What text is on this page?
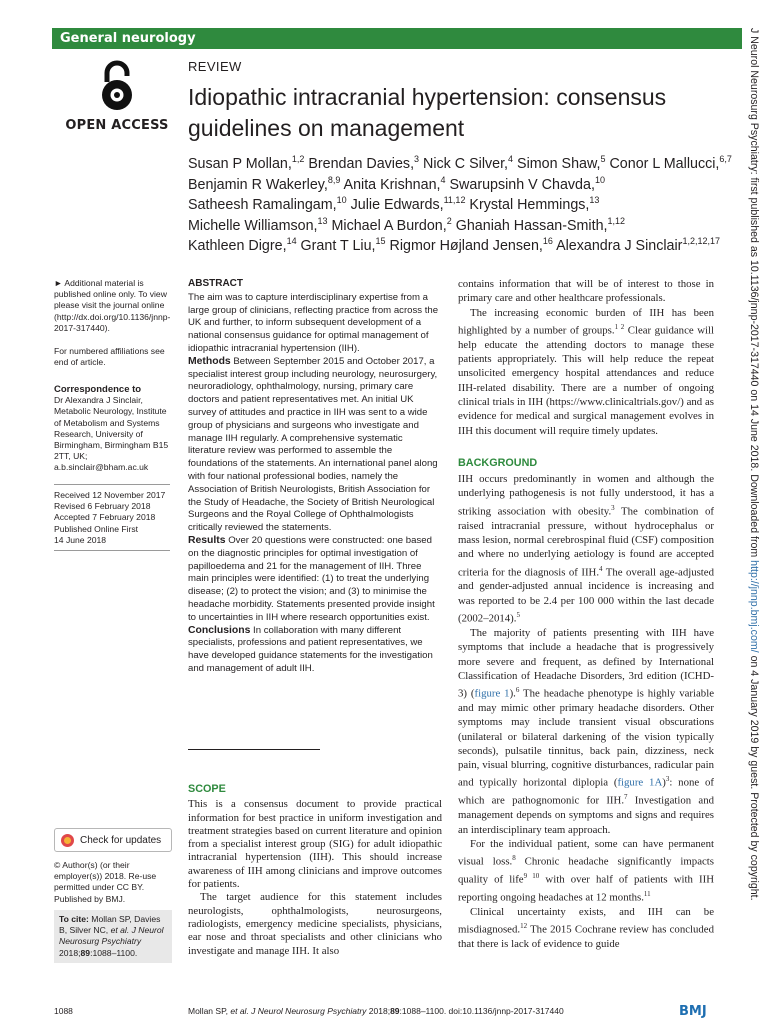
General neurology
OPEN ACCESS
REVIEW
Idiopathic intracranial hypertension: consensus guidelines on management
Susan P Mollan,$^{1,2}$ Brendan Davies,$^3$ Nick C Silver,$^4$ Simon Shaw,$^5$ Conor L Mallucci,$^{6,7}$
Benjamin R Wakerley,$^{8,9}$ Anita Krishnan,$^4$ Swarupsinh V Chavda,$^{10}$
Satheesh Ramalingam,$^{10}$ Julie Edwards,$^{11,12}$ Krystal Hemmings,$^{13}$
Michelle Williamson,$^{13}$ Michael A Burdon,$^2$ Ghaniah Hassan-Smith,$^{1,12}$
Kathleen Digre,$^{14}$ Grant T Liu,$^{15}$ Rigmor Højland Jensen,$^{16}$ Alexandra J Sinclair$^{1,2,12,17}$
► Additional material is published online only. To view please visit the journal online (http://dx.doi.org/10.1136/jnnp-2017-317440).
For numbered affiliations see end of article.
Correspondence to
Dr Alexandra J Sinclair, Metabolic Neurology, Institute of Metabolism and Systems Research, University of Birmingham, Birmingham B15 2TT, UK; a.b.sinclair@bham.ac.uk
Received 12 November 2017
Revised 6 February 2018
Accepted 7 February 2018
Published Online First
14 June 2018
Check for updates
© Author(s) (or their employer(s)) 2018. Re-use permitted under CC BY. Published by BMJ.
To cite: Mollan SP, Davies B, Silver NC, et al. J Neurol Neurosurg Psychiatry 2018;89:1088–1100.
ABSTRACT

The aim was to capture interdisciplinary expertise from a large group of clinicians, reflecting practice from across the UK and further, to inform subsequent development of a national consensus guidance for optimal management of idiopathic intracranial hypertension (IIH).

Methods Between September 2015 and October 2017, a specialist interest group including neurology, neurosurgery, neuroradiology, ophthalmology, nursing, primary care doctors and patient representatives met. An initial UK survey of attitudes and practice in IIH was sent to a wide group of physicians and surgeons who investigate and manage IIH regularly. A comprehensive systematic literature review was performed to assemble the foundations of the statements. An international panel along with four national professional bodies, namely the Association of British Neurologists, British Association for the Study of Headache, the Society of British Neurological Surgeons and the Royal College of Ophthalmologists critically reviewed the statements.

Results Over 20 questions were constructed: one based on the diagnostic principles for optimal investigation of papilloedema and 21 for the management of IIH. Three main principles were identified: (1) to treat the underlying disease; (2) to protect the vision; and (3) to minimise the headache morbidity. Statements presented provide insight to uncertainties in IIH where research opportunities exist.

Conclusions In collaboration with many different specialists, professions and patient representatives, we have developed guidance statements for the investigation and management of adult IIH.

SCOPE

This is a consensus document to provide practical information for best practice in uniform investigation and treatment strategies based on current literature and opinion from a specialist interest group (SIG) for adult idiopathic intracranial hypertension (IIH). This should increase awareness of IIH among clinicians and improve outcomes for patients.

The target audience for this statement includes neurologists, ophthalmologists, neurosurgeons, radiologists, emergency medicine specialists, physicians, ear nose and throat specialists and other clinicians who investigate and manage IIH. It also

contains information that will be of interest to those in primary care and other healthcare professionals.

The increasing economic burden of IIH has been highlighted by a number of groups.$^{1 2}$ Clear guidance will help educate the attending doctors to manage these patients appropriately. This will help reduce the repeat unsolicited emergency hospital attendances and reduce IIH-related disability. There are a number of ongoing clinical trials in IIH (https://www.clinicaltrials.gov/) and as evidence for medical and surgical management evolves in IIH this document will require timely updates.

BACKGROUND

IIH occurs predominantly in women and although the underlying pathogenesis is not fully understood, it has a striking association with obesity.$^3$ The combination of raised intracranial pressure, without hydrocephalus or mass lesion, normal cerebrospinal fluid (CSF) composition and where no underlying aetiology is found are accepted criteria for the diagnosis of IIH.$^4$ The overall age-adjusted and gender-adjusted annual incidence is increasing and was reported to be 2.4 per 100 000 within the last decade (2002–2014).$^5$

The majority of patients presenting with IIH have symptoms that include a headache that is progressively more severe and frequent, as defined by International Classification of Headache Disorders, 3rd edition (ICHD-3) (figure 1).$^6$ The headache phenotype is highly variable and may mimic other primary headache disorders. Other symptoms may include transient visual obscurations (unilateral or bilateral darkening of the vision typically seconds), pulsatile tinnitus, back pain, dizziness, neck pain, visual blurring, cognitive disturbances, radicular pain and typically horizontal diplopia (figure 1A)$^3$: none of which are pathognomonic for IIH.$^7$ Investigation and management depends on symptoms and signs and requires an interdisciplinary team approach.

For the individual patient, some can have permanent visual loss.$^8$ Chronic headache significantly impacts quality of life$^{9 10}$ with over half of patients with IIH reporting ongoing headaches at 12 months.$^{11}$

Clinical uncertainty exists, and IIH can be misdiagnosed.$^{12}$ The 2015 Cochrane review has concluded that there is lack of evidence to guide

1088	Mollan SP, et al. J Neurol Neurosurg Psychiatry 2018;89:1088–1100. doi:10.1136/jnnp-2017-317440	BMJ
J Neurol Neurosurg Psychiatry: first published as 10.1136/jnnp-2017-317440 on 14 June 2018. Downloaded from http://jnnp.bmj.com/ on 4 January 2019 by guest. Protected by copyright.
